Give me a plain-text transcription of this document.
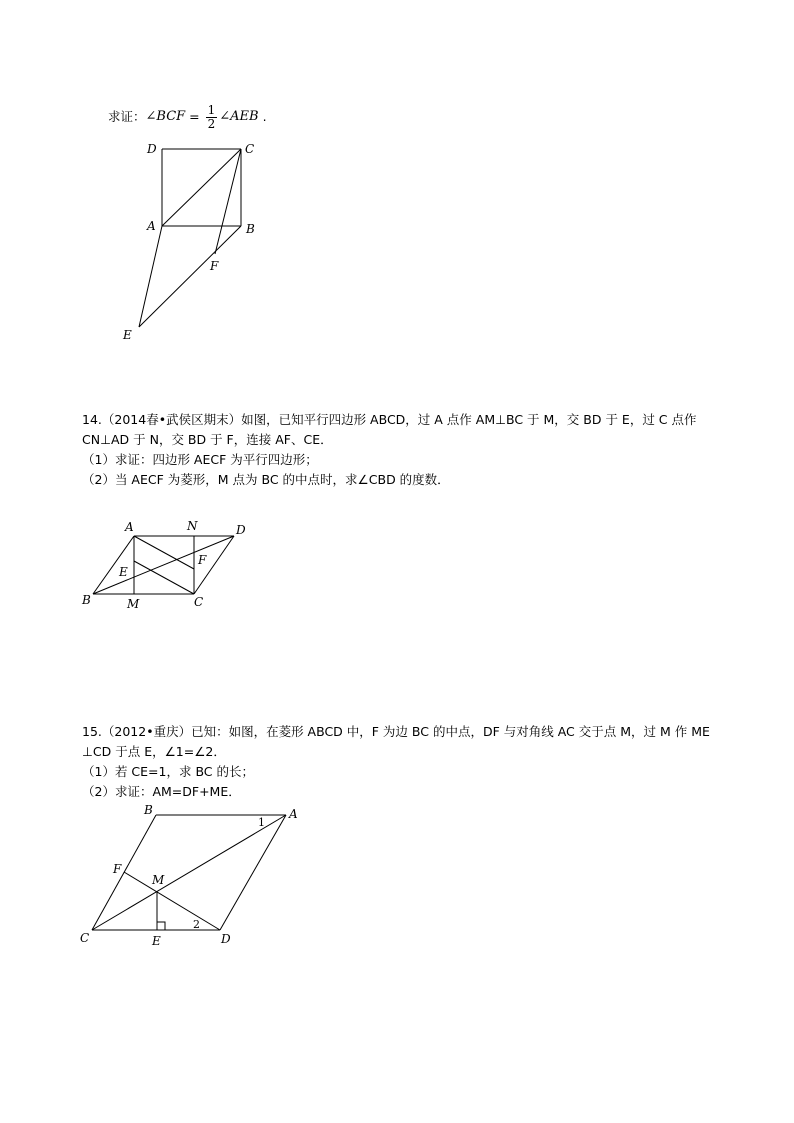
求证： ∠BCF = $\frac{1}{2}$ ∠AEB .
D	C
A	B
F
E
14.（2014春•武侯区期末）如图，已知平行四边形 ABCD，过 A 点作 AM⊥BC 于 M，交 BD 于 E，过 C 点作
CN⊥AD 于 N，交 BD 于 F，连接 AF、CE．
（1）求证：四边形 AECF 为平行四边形；
（2）当 AECF 为菱形，M 点为 BC 的中点时，求∠CBD 的度数．
A	N	D
F
E
B	M	C
15.（2012•重庆）已知：如图，在菱形 ABCD 中，F 为边 BC 的中点，DF 与对角线 AC 交于点 M，过 M 作 ME
⊥CD 于点 E，∠1=∠2．
（1）若 CE=1，求 BC 的长；
（2）求证：AM=DF+ME．
B	A
1
F
M
C	E
2
D
